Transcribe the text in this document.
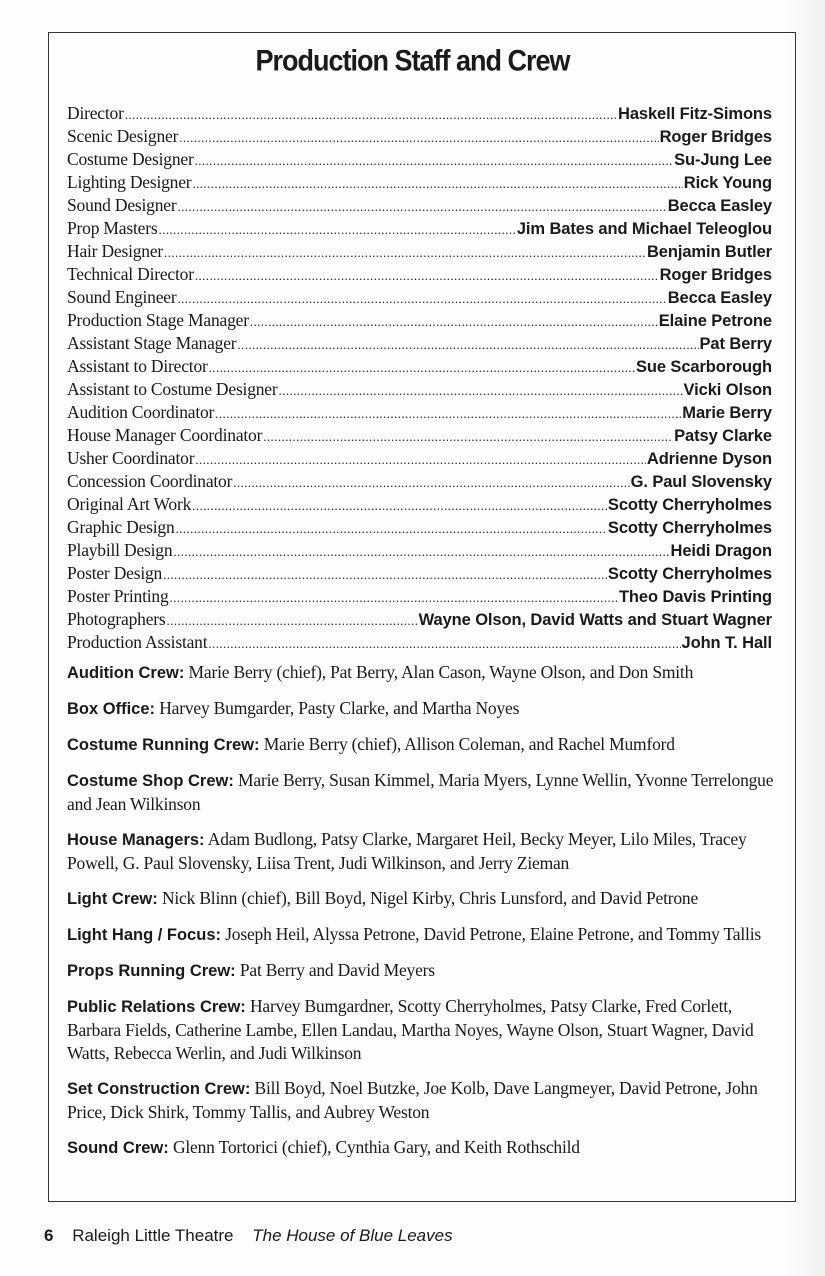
Production Staff and Crew
Director .....	Haskell Fitz-Simons
Scenic Designer .....	Roger Bridges
Costume Designer .....	Su-Jung Lee
Lighting Designer .....	Rick Young
Sound Designer .....	Becca Easley
Prop Masters .....	Jim Bates and Michael Teleoglou
Hair Designer .....	Benjamin Butler
Technical Director .....	Roger Bridges
Sound Engineer .....	Becca Easley
Production Stage Manager .....	Elaine Petrone
Assistant Stage Manager .....	Pat Berry
Assistant to Director .....	Sue Scarborough
Assistant to Costume Designer .....	Vicki Olson
Audition Coordinator .....	Marie Berry
House Manager Coordinator .....	Patsy Clarke
Usher Coordinator .....	Adrienne Dyson
Concession Coordinator .....	G. Paul Slovensky
Original Art Work .....	Scotty Cherryholmes
Graphic Design .....	Scotty Cherryholmes
Playbill Design .....	Heidi Dragon
Poster Design .....	Scotty Cherryholmes
Poster Printing .....	Theo Davis Printing
Photographers .....	Wayne Olson, David Watts and Stuart Wagner
Production Assistant .....	John T. Hall
Audition Crew: Marie Berry (chief), Pat Berry, Alan Cason, Wayne Olson, and Don Smith
Box Office: Harvey Bumgarder, Pasty Clarke, and Martha Noyes
Costume Running Crew: Marie Berry (chief), Allison Coleman, and Rachel Mumford
Costume Shop Crew: Marie Berry, Susan Kimmel, Maria Myers, Lynne Wellin, Yvonne Terrelongue and Jean Wilkinson
House Managers: Adam Budlong, Patsy Clarke, Margaret Heil, Becky Meyer, Lilo Miles, Tracey Powell, G. Paul Slovensky, Liisa Trent, Judi Wilkinson, and Jerry Zieman
Light Crew: Nick Blinn (chief), Bill Boyd, Nigel Kirby, Chris Lunsford, and David Petrone
Light Hang / Focus: Joseph Heil, Alyssa Petrone, David Petrone, Elaine Petrone, and Tommy Tallis
Props Running Crew: Pat Berry and David Meyers
Public Relations Crew: Harvey Bumgardner, Scotty Cherryholmes, Patsy Clarke, Fred Corlett, Barbara Fields, Catherine Lambe, Ellen Landau, Martha Noyes, Wayne Olson, Stuart Wagner, David Watts, Rebecca Werlin, and Judi Wilkinson
Set Construction Crew: Bill Boyd, Noel Butzke, Joe Kolb, Dave Langmeyer, David Petrone, John Price, Dick Shirk, Tommy Tallis, and Aubrey Weston
Sound Crew: Glenn Tortorici (chief), Cynthia Gary, and Keith Rothschild
6 Raleigh Little Theatre The House of Blue Leaves
